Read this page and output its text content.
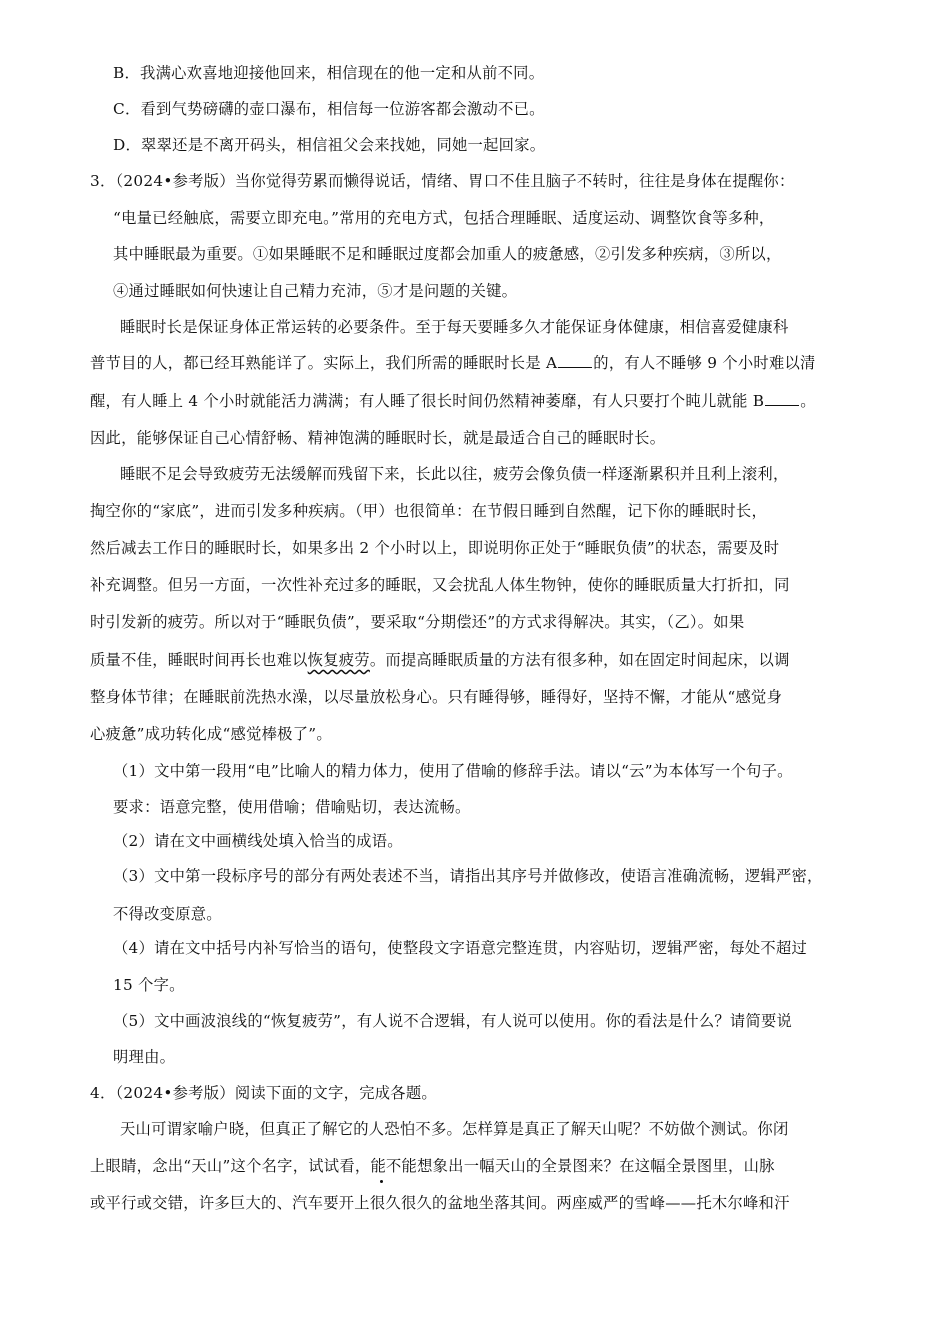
B．我满心欢喜地迎接他回来，相信现在的他一定和从前不同。
C．看到气势磅礴的壶口瀑布，相信每一位游客都会激动不已。
D．翠翠还是不离开码头，相信祖父会来找她，同她一起回家。
3．（2024•参考版）当你觉得劳累而懒得说话，情绪、胃口不佳且脑子不转时，往往是身体在提醒你：
“电量已经触底，需要立即充电。”常用的充电方式，包括合理睡眠、适度运动、调整饮食等多种，
其中睡眠最为重要。①如果睡眠不足和睡眠过度都会加重人的疲惫感，②引发多种疾病，③所以，
④通过睡眠如何快速让自己精力充沛，⑤才是问题的关键。
睡眠时长是保证身体正常运转的必要条件。至于每天要睡多久才能保证身体健康，相信喜爱健康科
普节目的人，都已经耳熟能详了。实际上，我们所需的睡眠时长是 A 的，有人不睡够 9 个小时难以清
醒，有人睡上 4 个小时就能活力满满；有人睡了很长时间仍然精神萎靡，有人只要打个盹儿就能 B 。
因此，能够保证自己心情舒畅、精神饱满的睡眠时长，就是最适合自己的睡眠时长。
睡眠不足会导致疲劳无法缓解而残留下来，长此以往，疲劳会像负债一样逐渐累积并且利上滚利，
掏空你的“家底”，进而引发多种疾病。（甲）也很简单：在节假日睡到自然醒，记下你的睡眠时长，
然后减去工作日的睡眠时长，如果多出 2 个小时以上，即说明你正处于“睡眠负债”的状态，需要及时
补充调整。但另一方面，一次性补充过多的睡眠，又会扰乱人体生物钟，使你的睡眠质量大打折扣，同
时引发新的疲劳。所以对于“睡眠负债”，要采取“分期偿还”的方式求得解决。其实，（乙）。如果
质量不佳，睡眠时间再长也难以恢复疲劳。而提高睡眠质量的方法有很多种，如在固定时间起床，以调
整身体节律；在睡眠前洗热水澡，以尽量放松身心。只有睡得够，睡得好，坚持不懈，才能从“感觉身
心疲惫”成功转化成“感觉棒极了”。
（1）文中第一段用“电”比喻人的精力体力，使用了借喻的修辞手法。请以“云”为本体写一个句子。
要求：语意完整，使用借喻；借喻贴切，表达流畅。
（2）请在文中画横线处填入恰当的成语。
（3）文中第一段标序号的部分有两处表述不当，请指出其序号并做修改，使语言准确流畅，逻辑严密，
不得改变原意。
（4）请在文中括号内补写恰当的语句，使整段文字语意完整连贯，内容贴切，逻辑严密，每处不超过
15 个字。
（5）文中画波浪线的“恢复疲劳”，有人说不合逻辑，有人说可以使用。你的看法是什么？请简要说
明理由。
4．（2024•参考版）阅读下面的文字，完成各题。
天山可谓家喻户晓，但真正了解它的人恐怕不多。怎样算是真正了解天山呢？不妨做个测试。你闭
上眼睛，念出“天山”这个名字，试试看，能不能想象出一幅天山的全景图来？在这幅全景图里，山脉
或平行或交错，许多巨大的、汽车要开上很久很久的盆地坐落其间。两座威严的雪峰——托木尔峰和汗
